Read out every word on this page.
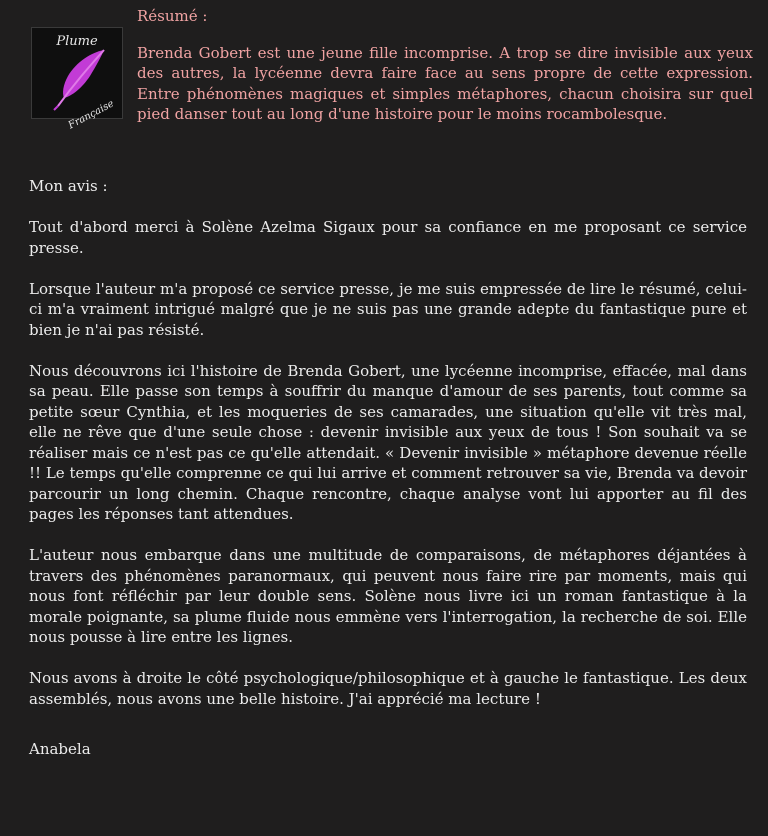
Plume
Française

Résumé :

Brenda Gobert est une jeune fille incomprise. A trop se dire invisible aux yeux des autres, la lycéenne devra faire face au sens propre de cette expression. Entre phénomènes magiques et simples métaphores, chacun choisira sur quel pied danser tout au long d'une histoire pour le moins rocambolesque.

Mon avis :

Tout d'abord merci à Solène Azelma Sigaux pour sa confiance en me proposant ce service presse.

Lorsque l'auteur m'a proposé ce service presse, je me suis empressée de lire le résumé, celui-ci m'a vraiment intrigué malgré que je ne suis pas une grande adepte du fantastique pure et bien je n'ai pas résisté.

Nous découvrons ici l'histoire de Brenda Gobert, une lycéenne incomprise, effacée, mal dans sa peau. Elle passe son temps à souffrir du manque d'amour de ses parents, tout comme sa petite sœur Cynthia, et les moqueries de ses camarades, une situation qu'elle vit très mal, elle ne rêve que d'une seule chose : devenir invisible aux yeux de tous ! Son souhait va se réaliser mais ce n'est pas ce qu'elle attendait. « Devenir invisible » métaphore devenue réelle !! Le temps qu'elle comprenne ce qui lui arrive et comment retrouver sa vie, Brenda va devoir parcourir un long chemin. Chaque rencontre, chaque analyse vont lui apporter au fil des pages les réponses tant attendues.

L'auteur nous embarque dans une multitude de comparaisons, de métaphores déjantées à travers des phénomènes paranormaux, qui peuvent nous faire rire par moments, mais qui nous font réfléchir par leur double sens. Solène nous livre ici un roman fantastique à la morale poignante, sa plume fluide nous emmène vers l'interrogation, la recherche de soi. Elle nous pousse à lire entre les lignes.

Nous avons à droite le côté psychologique/philosophique et à gauche le fantastique. Les deux assemblés, nous avons une belle histoire. J'ai apprécié ma lecture !

Anabela
